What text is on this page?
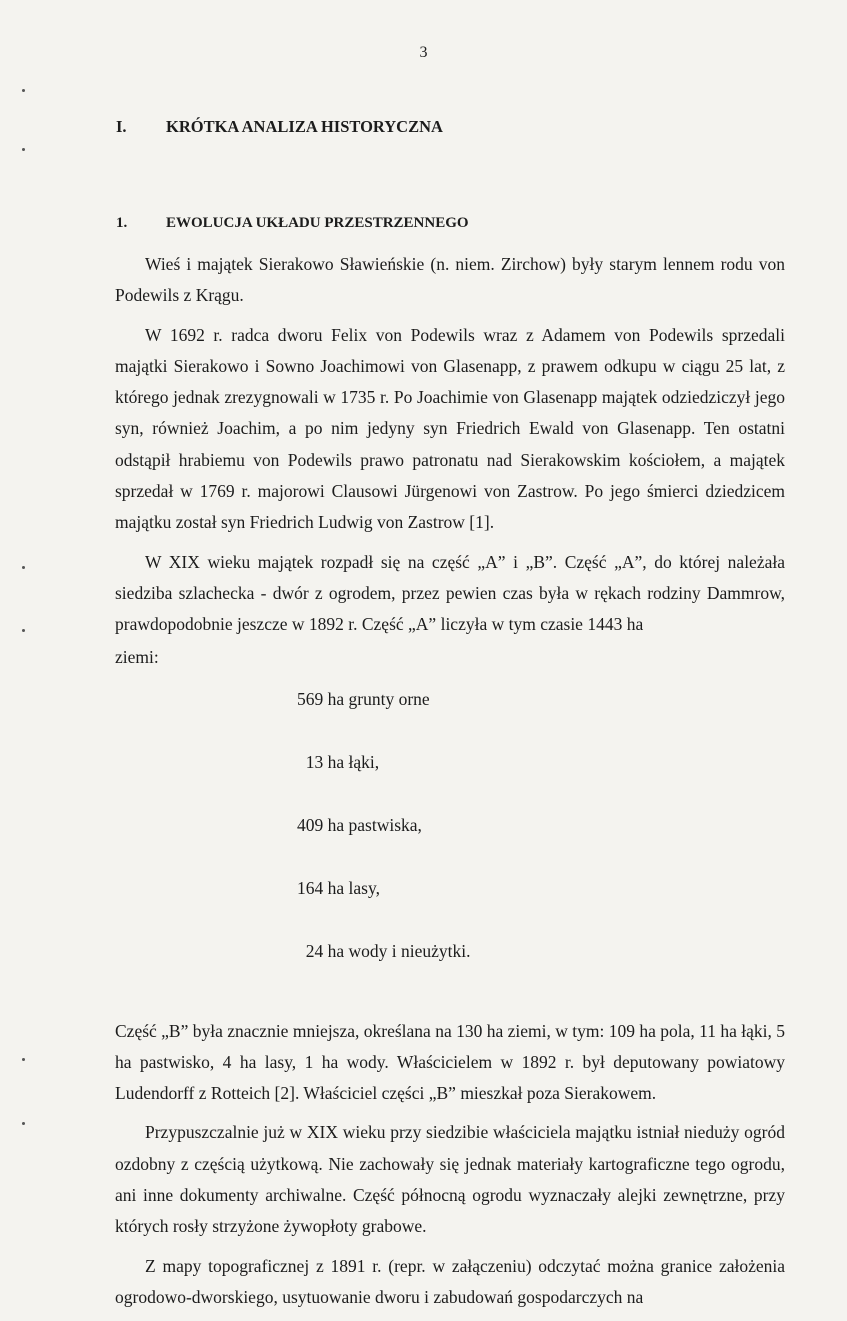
3
I. KRÓTKA ANALIZA HISTORYCZNA
1.	EWOLUCJA UKŁADU PRZESTRZENNEGO

Wieś i majątek Sierakowo Sławieńskie (n. niem. Zirchow) były starym lennem rodu von Podewils z Krągu.

W 1692 r. radca dworu Felix von Podewils wraz z Adamem von Podewils sprzedali majątki Sierakowo i Sowno Joachimowi von Glasenapp, z prawem odkupu w ciągu 25 lat, z którego jednak zrezygnowali w 1735 r. Po Joachimie von Glasenapp majątek odziedziczył jego syn, również Joachim, a po nim jedyny syn Friedrich Ewald von Glasenapp. Ten ostatni odstąpił hrabiemu von Podewils prawo patronatu nad Sierakowskim kościołem, a majątek sprzedał w 1769 r. majorowi Clausowi Jürgenowi von Zastrow. Po jego śmierci dziedzicem majątku został syn Friedrich Ludwig von Zastrow [1].

W XIX wieku majątek rozpadł się na część „A” i „B”. Część „A”, do której należała siedziba szlachecka - dwór z ogrodem, przez pewien czas była w rękach rodziny Dammrow, prawdopodobnie jeszcze w 1892 r. Część „A” liczyła w tym czasie 1443 ha

ziemi:

569 ha grunty orne

13 ha łąki,

409 ha pastwiska,

164 ha lasy,

24 ha wody i nieużytki.

Część „B” była znacznie mniejsza, określana na 130 ha ziemi, w tym: 109 ha pola, 11 ha łąki, 5 ha pastwisko, 4 ha lasy, 1 ha wody. Właścicielem w 1892 r. był deputowany powiatowy Ludendorff z Rotteich [2]. Właściciel części „B” mieszkał poza Sierakowem.

Przypuszczalnie już w XIX wieku przy siedzibie właściciela majątku istniał nieduży ogród ozdobny z częścią użytkową. Nie zachowały się jednak materiały kartograficzne tego ogrodu, ani inne dokumenty archiwalne. Część północną ogrodu wyznaczały alejki zewnętrzne, przy których rosły strzyżone żywopłoty grabowe.

Z mapy topograficznej z 1891 r. (repr. w załączeniu) odczytać można granice założenia ogrodowo-dworskiego, usytuowanie dworu i zabudowań gospodarczych na
